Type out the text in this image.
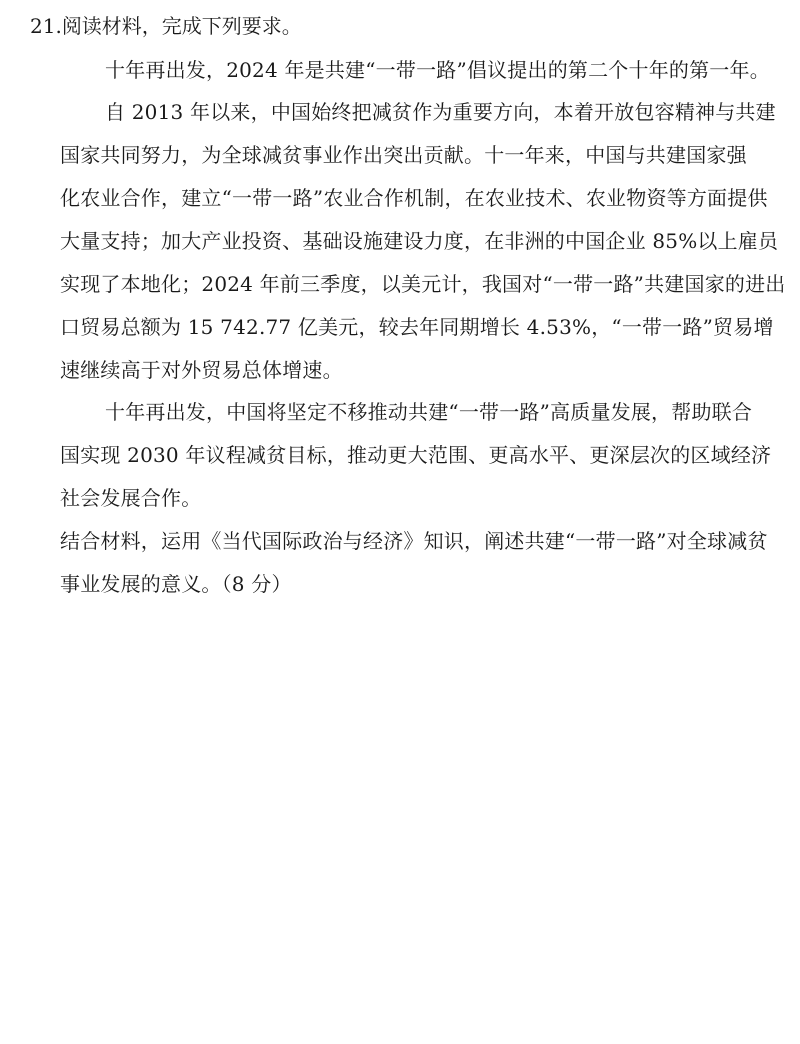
21.阅读材料，完成下列要求。
十年再出发，2024 年是共建“一带一路”倡议提出的第二个十年的第一年。
自 2013 年以来，中国始终把减贫作为重要方向，本着开放包容精神与共建
国家共同努力，为全球减贫事业作出突出贡献。十一年来，中国与共建国家强
化农业合作，建立“一带一路”农业合作机制，在农业技术、农业物资等方面提供
大量支持；加大产业投资、基础设施建设力度，在非洲的中国企业 85%以上雇员
实现了本地化；2024 年前三季度，以美元计，我国对“一带一路”共建国家的进出
口贸易总额为 15 742.77 亿美元，较去年同期增长 4.53%，“一带一路”贸易增
速继续高于对外贸易总体增速。
十年再出发，中国将坚定不移推动共建“一带一路”高质量发展，帮助联合
国实现 2030 年议程减贫目标，推动更大范围、更高水平、更深层次的区域经济
社会发展合作。
结合材料，运用《当代国际政治与经济》知识，阐述共建“一带一路”对全球减贫
事业发展的意义。（8 分）
